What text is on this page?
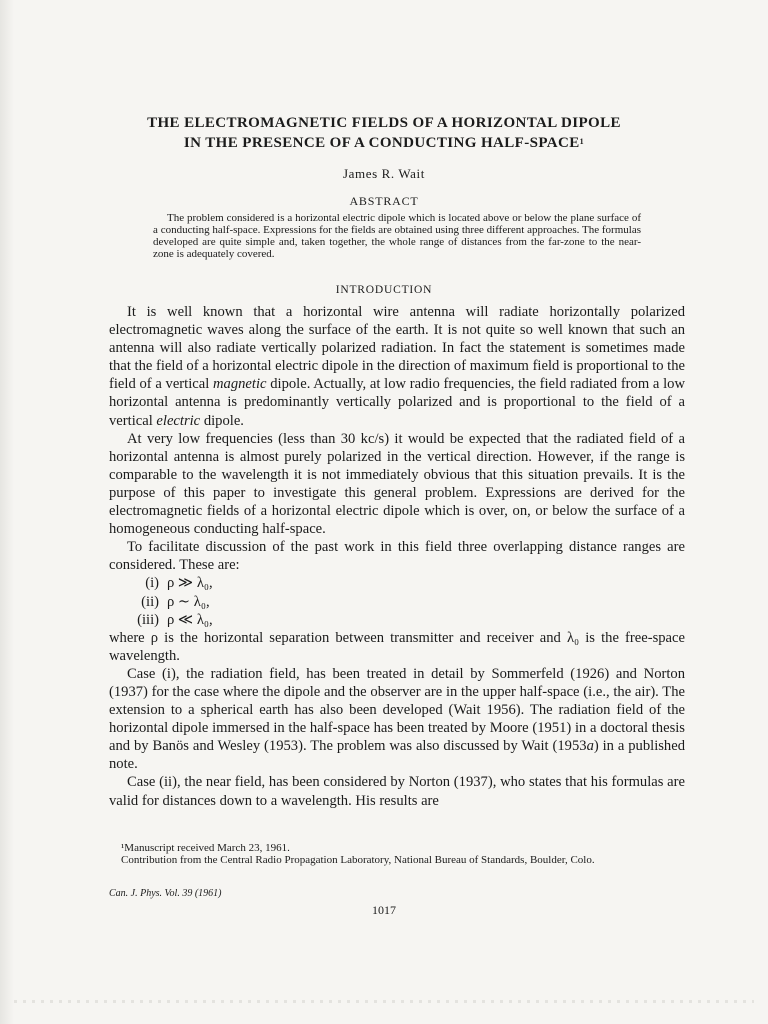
THE ELECTROMAGNETIC FIELDS OF A HORIZONTAL DIPOLE
IN THE PRESENCE OF A CONDUCTING HALF-SPACE$^1$
James R. Wait
ABSTRACT

The problem considered is a horizontal electric dipole which is located above or below the plane surface of a conducting half-space. Expressions for the fields are obtained using three different approaches. The formulas developed are quite simple and, taken together, the whole range of distances from the far-zone to the near-zone is adequately covered.

INTRODUCTION

It is well known that a horizontal wire antenna will radiate horizontally polarized electromagnetic waves along the surface of the earth. It is not quite so well known that such an antenna will also radiate vertically polarized radiation. In fact the statement is sometimes made that the field of a horizontal electric dipole in the direction of maximum field is proportional to the field of a vertical magnetic dipole. Actually, at low radio frequencies, the field radiated from a low horizontal antenna is predominantly vertically polarized and is proportional to the field of a vertical electric dipole.

At very low frequencies (less than 30 kc/s) it would be expected that the radiated field of a horizontal antenna is almost purely polarized in the vertical direction. However, if the range is comparable to the wavelength it is not immediately obvious that this situation prevails. It is the purpose of this paper to investigate this general problem. Expressions are derived for the electromagnetic fields of a horizontal electric dipole which is over, on, or below the surface of a homogeneous conducting half-space.

To facilitate discussion of the past work in this field three overlapping distance ranges are considered. These are:

(i) ρ ≫ λ₀,
(ii) ρ ∼ λ₀,
(iii) ρ ≪ λ₀,

where ρ is the horizontal separation between transmitter and receiver and λ₀ is the free-space wavelength.

Case (i), the radiation field, has been treated in detail by Sommerfeld (1926) and Norton (1937) for the case where the dipole and the observer are in the upper half-space (i.e., the air). The extension to a spherical earth has also been developed (Wait 1956). The radiation field of the horizontal dipole immersed in the half-space has been treated by Moore (1951) in a doctoral thesis and by Banös and Wesley (1953). The problem was also discussed by Wait (1953a) in a published note.

Case (ii), the near field, has been considered by Norton (1937), who states that his formulas are valid for distances down to a wavelength. His results are

¹Manuscript received March 23, 1961.

Contribution from the Central Radio Propagation Laboratory, National Bureau of Standards, Boulder, Colo.

Can. J. Phys. Vol. 39 (1961)
1017
